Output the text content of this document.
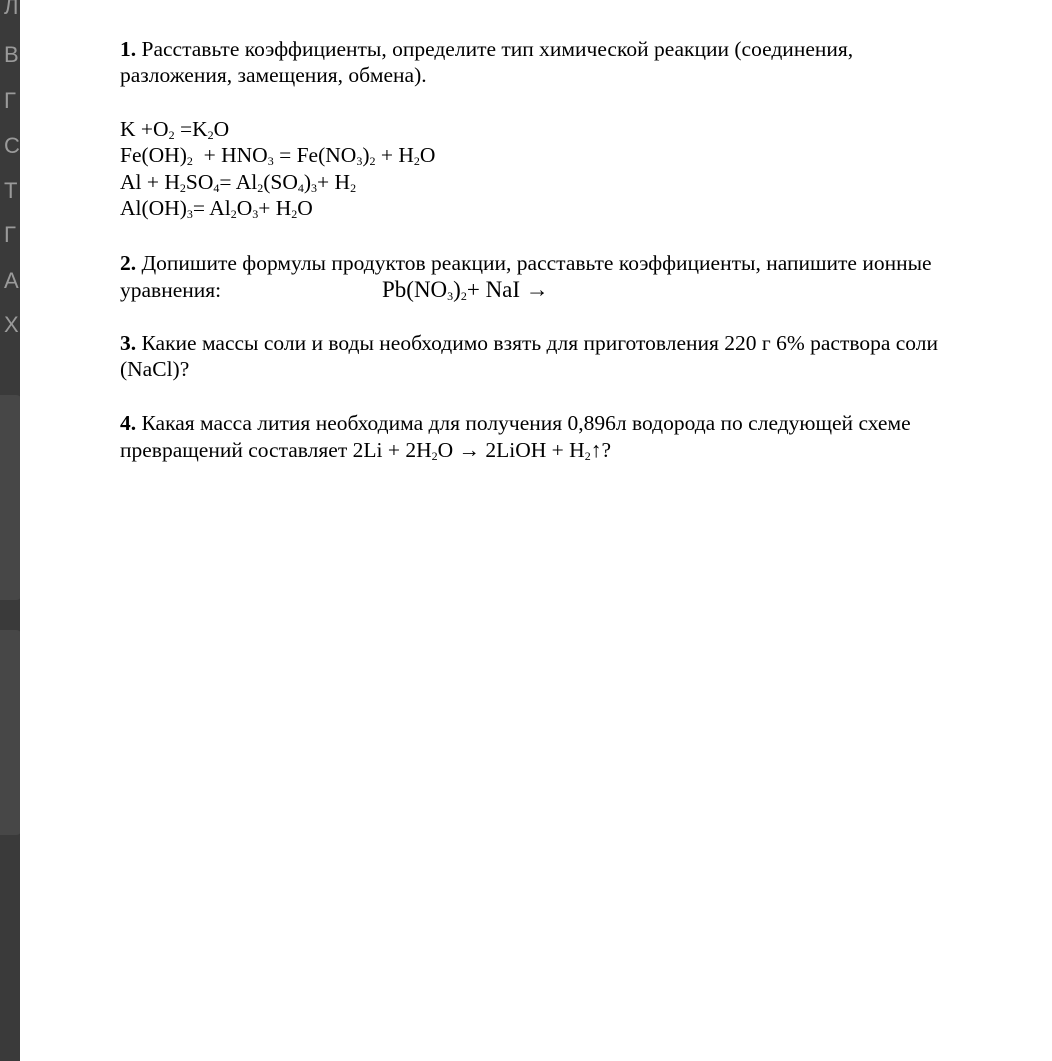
Л
В
Г
С
Т
Г
А
Х
1. Расставьте коэффициенты, определите тип химической реакции (соединения,
разложения, замещения, обмена).
$K +O_2 =K_2O$
$Fe(OH)_2 + HNO_3 = Fe(NO_3)_2 + H_2O$
$Al + H_2SO_4= Al_2(SO_4)_3+ H_2$
$Al(OH)_3= Al_2O_3+ H_2O$
2. Допишите формулы продуктов реакции, расставьте коэффициенты, напишите ионные
уравнения:	$Pb(NO_3)_2+$ NaI →
3. Какие массы соли и воды необходимо взять для приготовления 220 г 6% раствора соли
(NaCl)?
4. Какая масса лития необходима для получения 0,896л водорода по следующей схеме
превращений составляет $2Li + 2H_2O$ → 2LiOH + $H_2↑$?
